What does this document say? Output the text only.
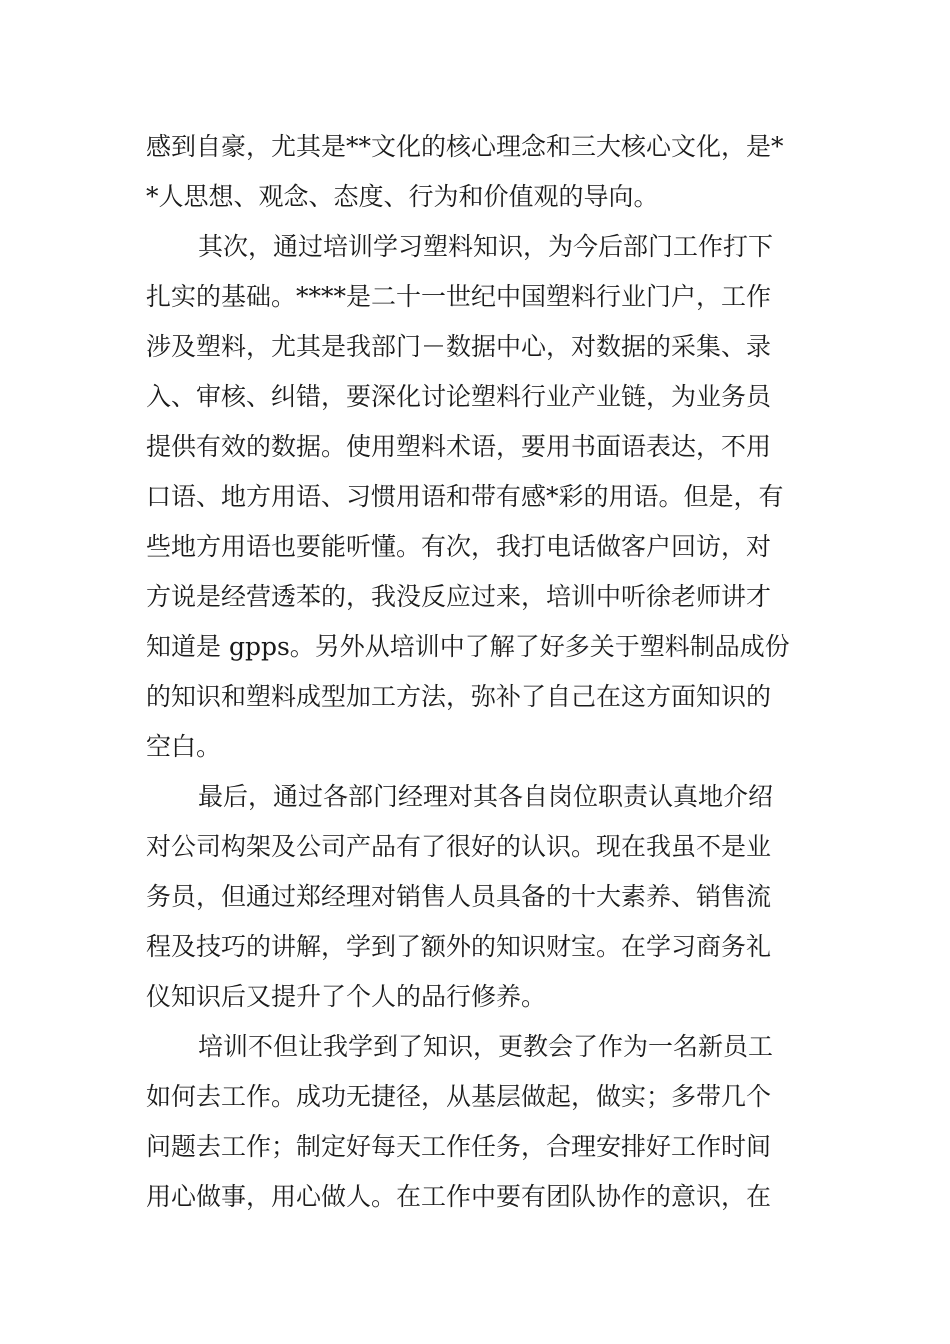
感到自豪，尤其是**文化的核心理念和三大核心文化，是*
*人思想、观念、态度、行为和价值观的导向。
其次，通过培训学习塑料知识，为今后部门工作打下
扎实的基础。****是二十一世纪中国塑料行业门户，工作
涉及塑料，尤其是我部门－数据中心，对数据的采集、录
入、审核、纠错，要深化讨论塑料行业产业链，为业务员
提供有效的数据。使用塑料术语，要用书面语表达，不用
口语、地方用语、习惯用语和带有感*彩的用语。但是，有
些地方用语也要能听懂。有次，我打电话做客户回访，对
方说是经营透苯的，我没反应过来，培训中听徐老师讲才
知道是 gpps。另外从培训中了解了好多关于塑料制品成份
的知识和塑料成型加工方法，弥补了自己在这方面知识的
空白。
最后，通过各部门经理对其各自岗位职责认真地介绍
对公司构架及公司产品有了很好的认识。现在我虽不是业
务员，但通过郑经理对销售人员具备的十大素养、销售流
程及技巧的讲解，学到了额外的知识财宝。在学习商务礼
仪知识后又提升了个人的品行修养。
培训不但让我学到了知识，更教会了作为一名新员工
如何去工作。成功无捷径，从基层做起，做实；多带几个
问题去工作；制定好每天工作任务，合理安排好工作时间
用心做事，用心做人。在工作中要有团队协作的意识，在
